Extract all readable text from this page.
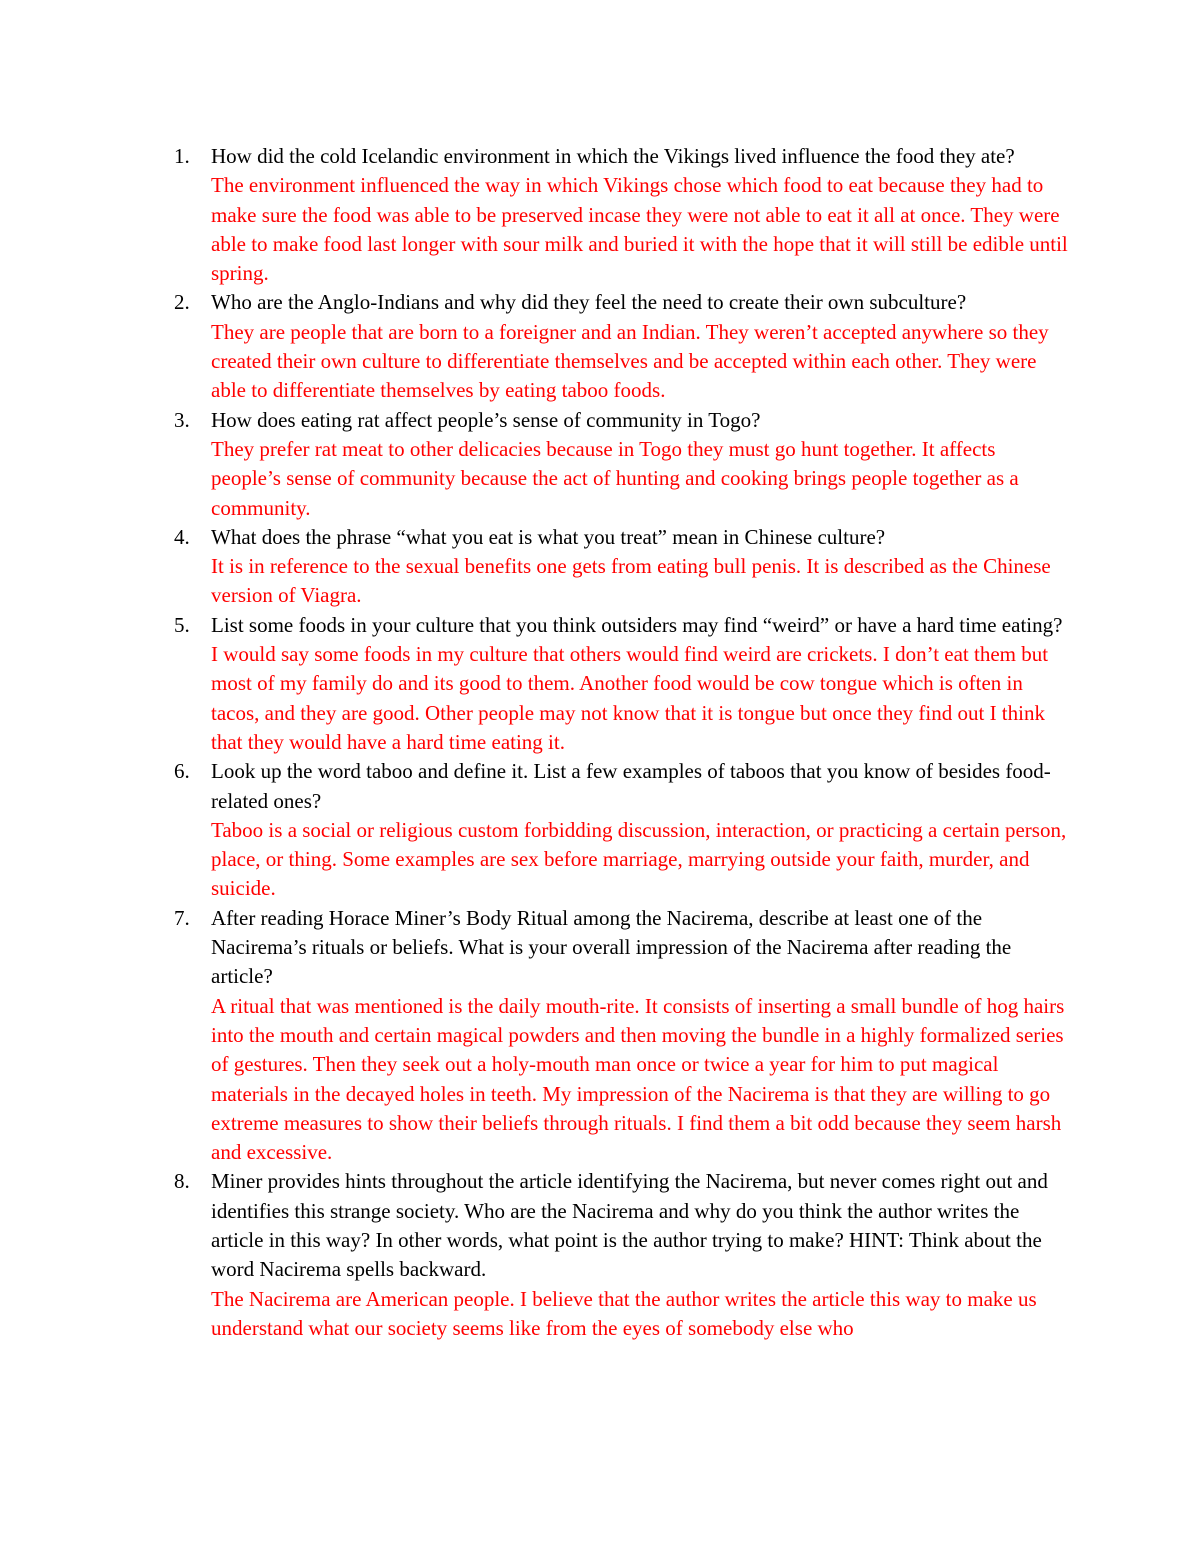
1. How did the cold Icelandic environment in which the Vikings lived influence the food they ate?
The environment influenced the way in which Vikings chose which food to eat because they had to make sure the food was able to be preserved incase they were not able to eat it all at once. They were able to make food last longer with sour milk and buried it with the hope that it will still be edible until spring.
2. Who are the Anglo-Indians and why did they feel the need to create their own subculture?
They are people that are born to a foreigner and an Indian. They weren’t accepted anywhere so they created their own culture to differentiate themselves and be accepted within each other. They were able to differentiate themselves by eating taboo foods.
3. How does eating rat affect people’s sense of community in Togo?
They prefer rat meat to other delicacies because in Togo they must go hunt together. It affects people’s sense of community because the act of hunting and cooking brings people together as a community.
4. What does the phrase “what you eat is what you treat” mean in Chinese culture?
It is in reference to the sexual benefits one gets from eating bull penis. It is described as the Chinese version of Viagra.
5. List some foods in your culture that you think outsiders may find “weird” or have a hard time eating?
I would say some foods in my culture that others would find weird are crickets. I don’t eat them but most of my family do and its good to them. Another food would be cow tongue which is often in tacos, and they are good. Other people may not know that it is tongue but once they find out I think that they would have a hard time eating it.
6. Look up the word taboo and define it. List a few examples of taboos that you know of besides food-related ones?
Taboo is a social or religious custom forbidding discussion, interaction, or practicing a certain person, place, or thing. Some examples are sex before marriage, marrying outside your faith, murder, and suicide.
7. After reading Horace Miner’s Body Ritual among the Nacirema, describe at least one of the Nacirema’s rituals or beliefs. What is your overall impression of the Nacirema after reading the article?
A ritual that was mentioned is the daily mouth-rite. It consists of inserting a small bundle of hog hairs into the mouth and certain magical powders and then moving the bundle in a highly formalized series of gestures. Then they seek out a holy-mouth man once or twice a year for him to put magical materials in the decayed holes in teeth. My impression of the Nacirema is that they are willing to go extreme measures to show their beliefs through rituals. I find them a bit odd because they seem harsh and excessive.
8. Miner provides hints throughout the article identifying the Nacirema, but never comes right out and identifies this strange society. Who are the Nacirema and why do you think the author writes the article in this way? In other words, what point is the author trying to make? HINT: Think about the word Nacirema spells backward.
The Nacirema are American people. I believe that the author writes the article this way to make us understand what our society seems like from the eyes of somebody else who
